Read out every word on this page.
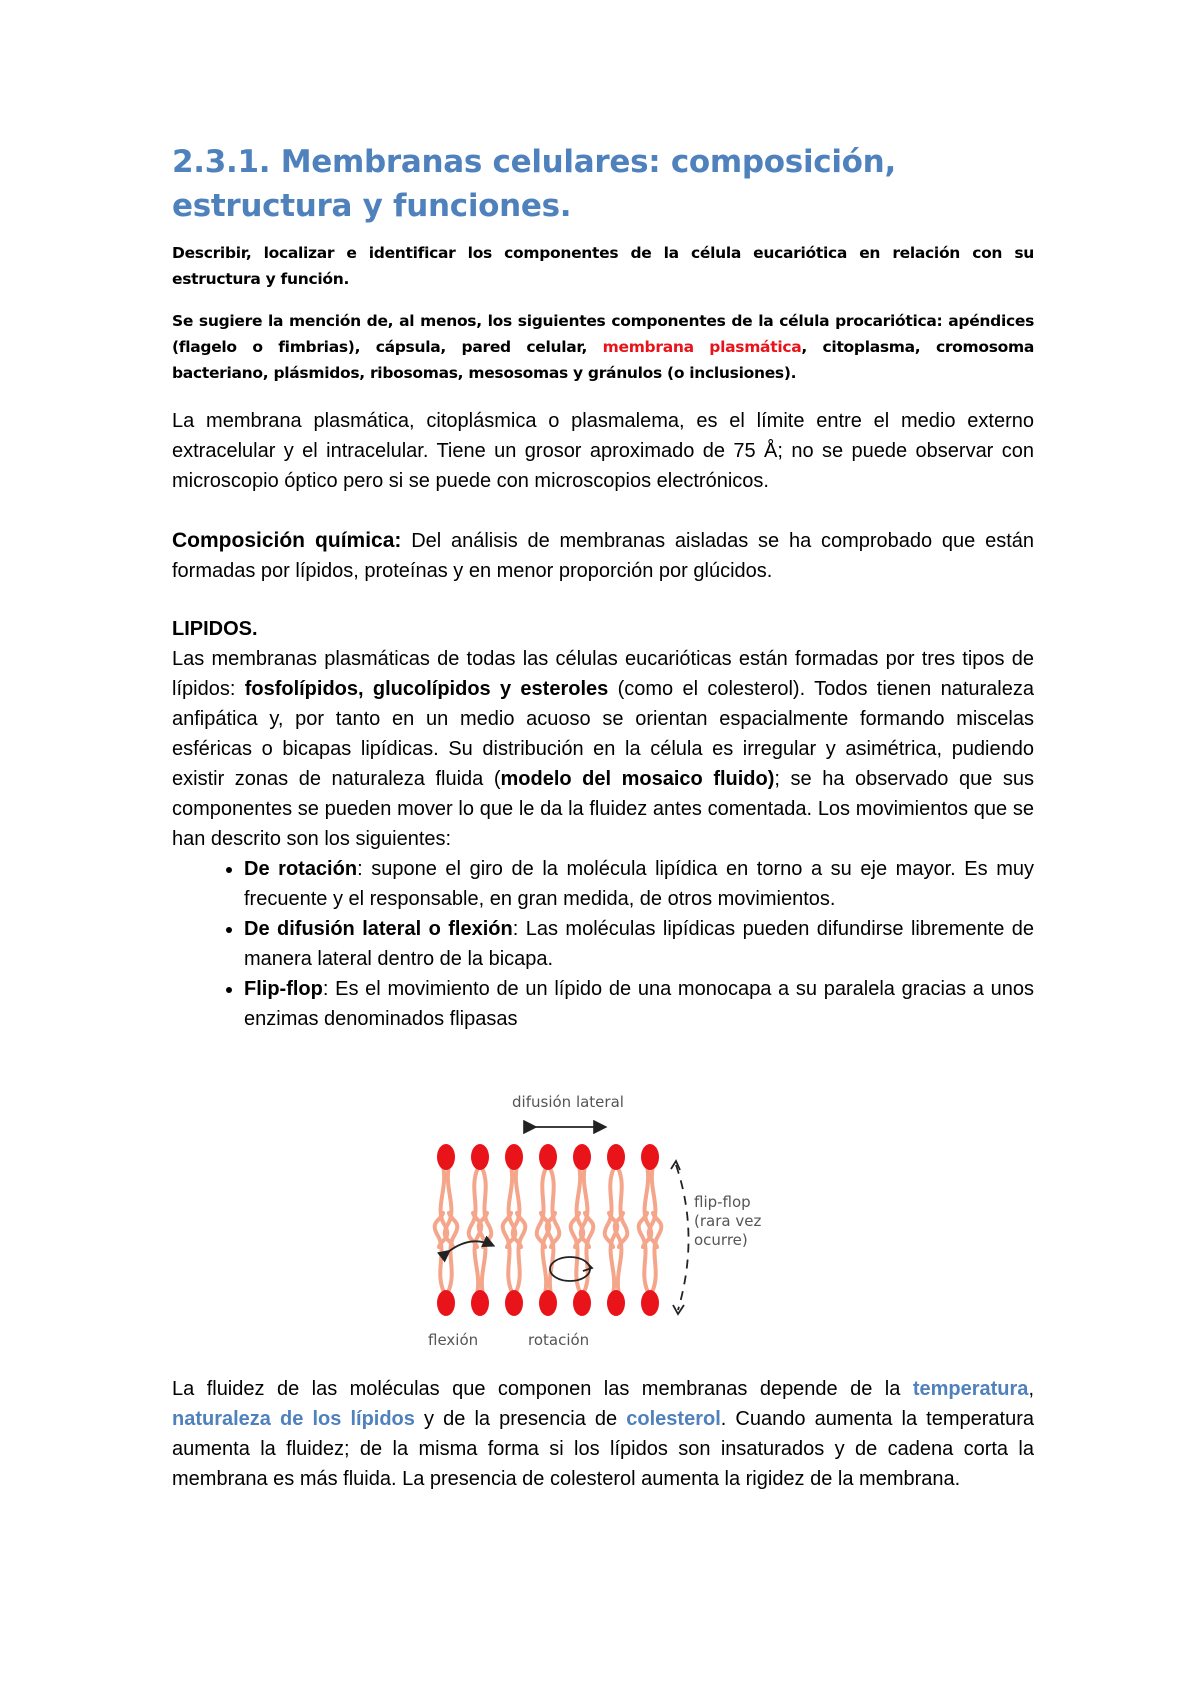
2.3.1. Membranas celulares: composición, estructura y funciones.

Describir, localizar e identificar los componentes de la célula eucariótica en relación con su estructura y función.

Se sugiere la mención de, al menos, los siguientes componentes de la célula procariótica: apéndices (flagelo o fimbrias), cápsula, pared celular, membrana plasmática, citoplasma, cromosoma bacteriano, plásmidos, ribosomas, mesosomas y gránulos (o inclusiones).

La membrana plasmática, citoplásmica o plasmalema, es el límite entre el medio externo extracelular y el intracelular. Tiene un grosor aproximado de 75 Å; no se puede observar con microscopio óptico pero si se puede con microscopios electrónicos.

Composición química: Del análisis de membranas aisladas se ha comprobado que están formadas por lípidos, proteínas y en menor proporción por glúcidos.

LIPIDOS.

Las membranas plasmáticas de todas las células eucarióticas están formadas por tres tipos de lípidos: fosfolípidos, glucolípidos y esteroles (como el colesterol). Todos tienen naturaleza anfipática y, por tanto en un medio acuoso se orientan espacialmente formando miscelas esféricas o bicapas lipídicas. Su distribución en la célula es irregular y asimétrica, pudiendo existir zonas de naturaleza fluida (modelo del mosaico fluido); se ha observado que sus componentes se pueden mover lo que le da la fluidez antes comentada. Los movimientos que se han descrito son los siguientes:

• De rotación: supone el giro de la molécula lipídica en torno a su eje mayor. Es muy frecuente y el responsable, en gran medida, de otros movimientos.
• De difusión lateral o flexión: Las moléculas lipídicas pueden difundirse libremente de manera lateral dentro de la bicapa.
• Flip-flop: Es el movimiento de un lípido de una monocapa a su paralela gracias a unos enzimas denominados flipasas
difusión lateral
flip-flop
(rara vez
ocurre)
flexión	rotación

La fluidez de las moléculas que componen las membranas depende de la temperatura, naturaleza de los lípidos y de la presencia de colesterol. Cuando aumenta la temperatura aumenta la fluidez; de la misma forma si los lípidos son insaturados y de cadena corta la membrana es más fluida. La presencia de colesterol aumenta la rigidez de la membrana.
